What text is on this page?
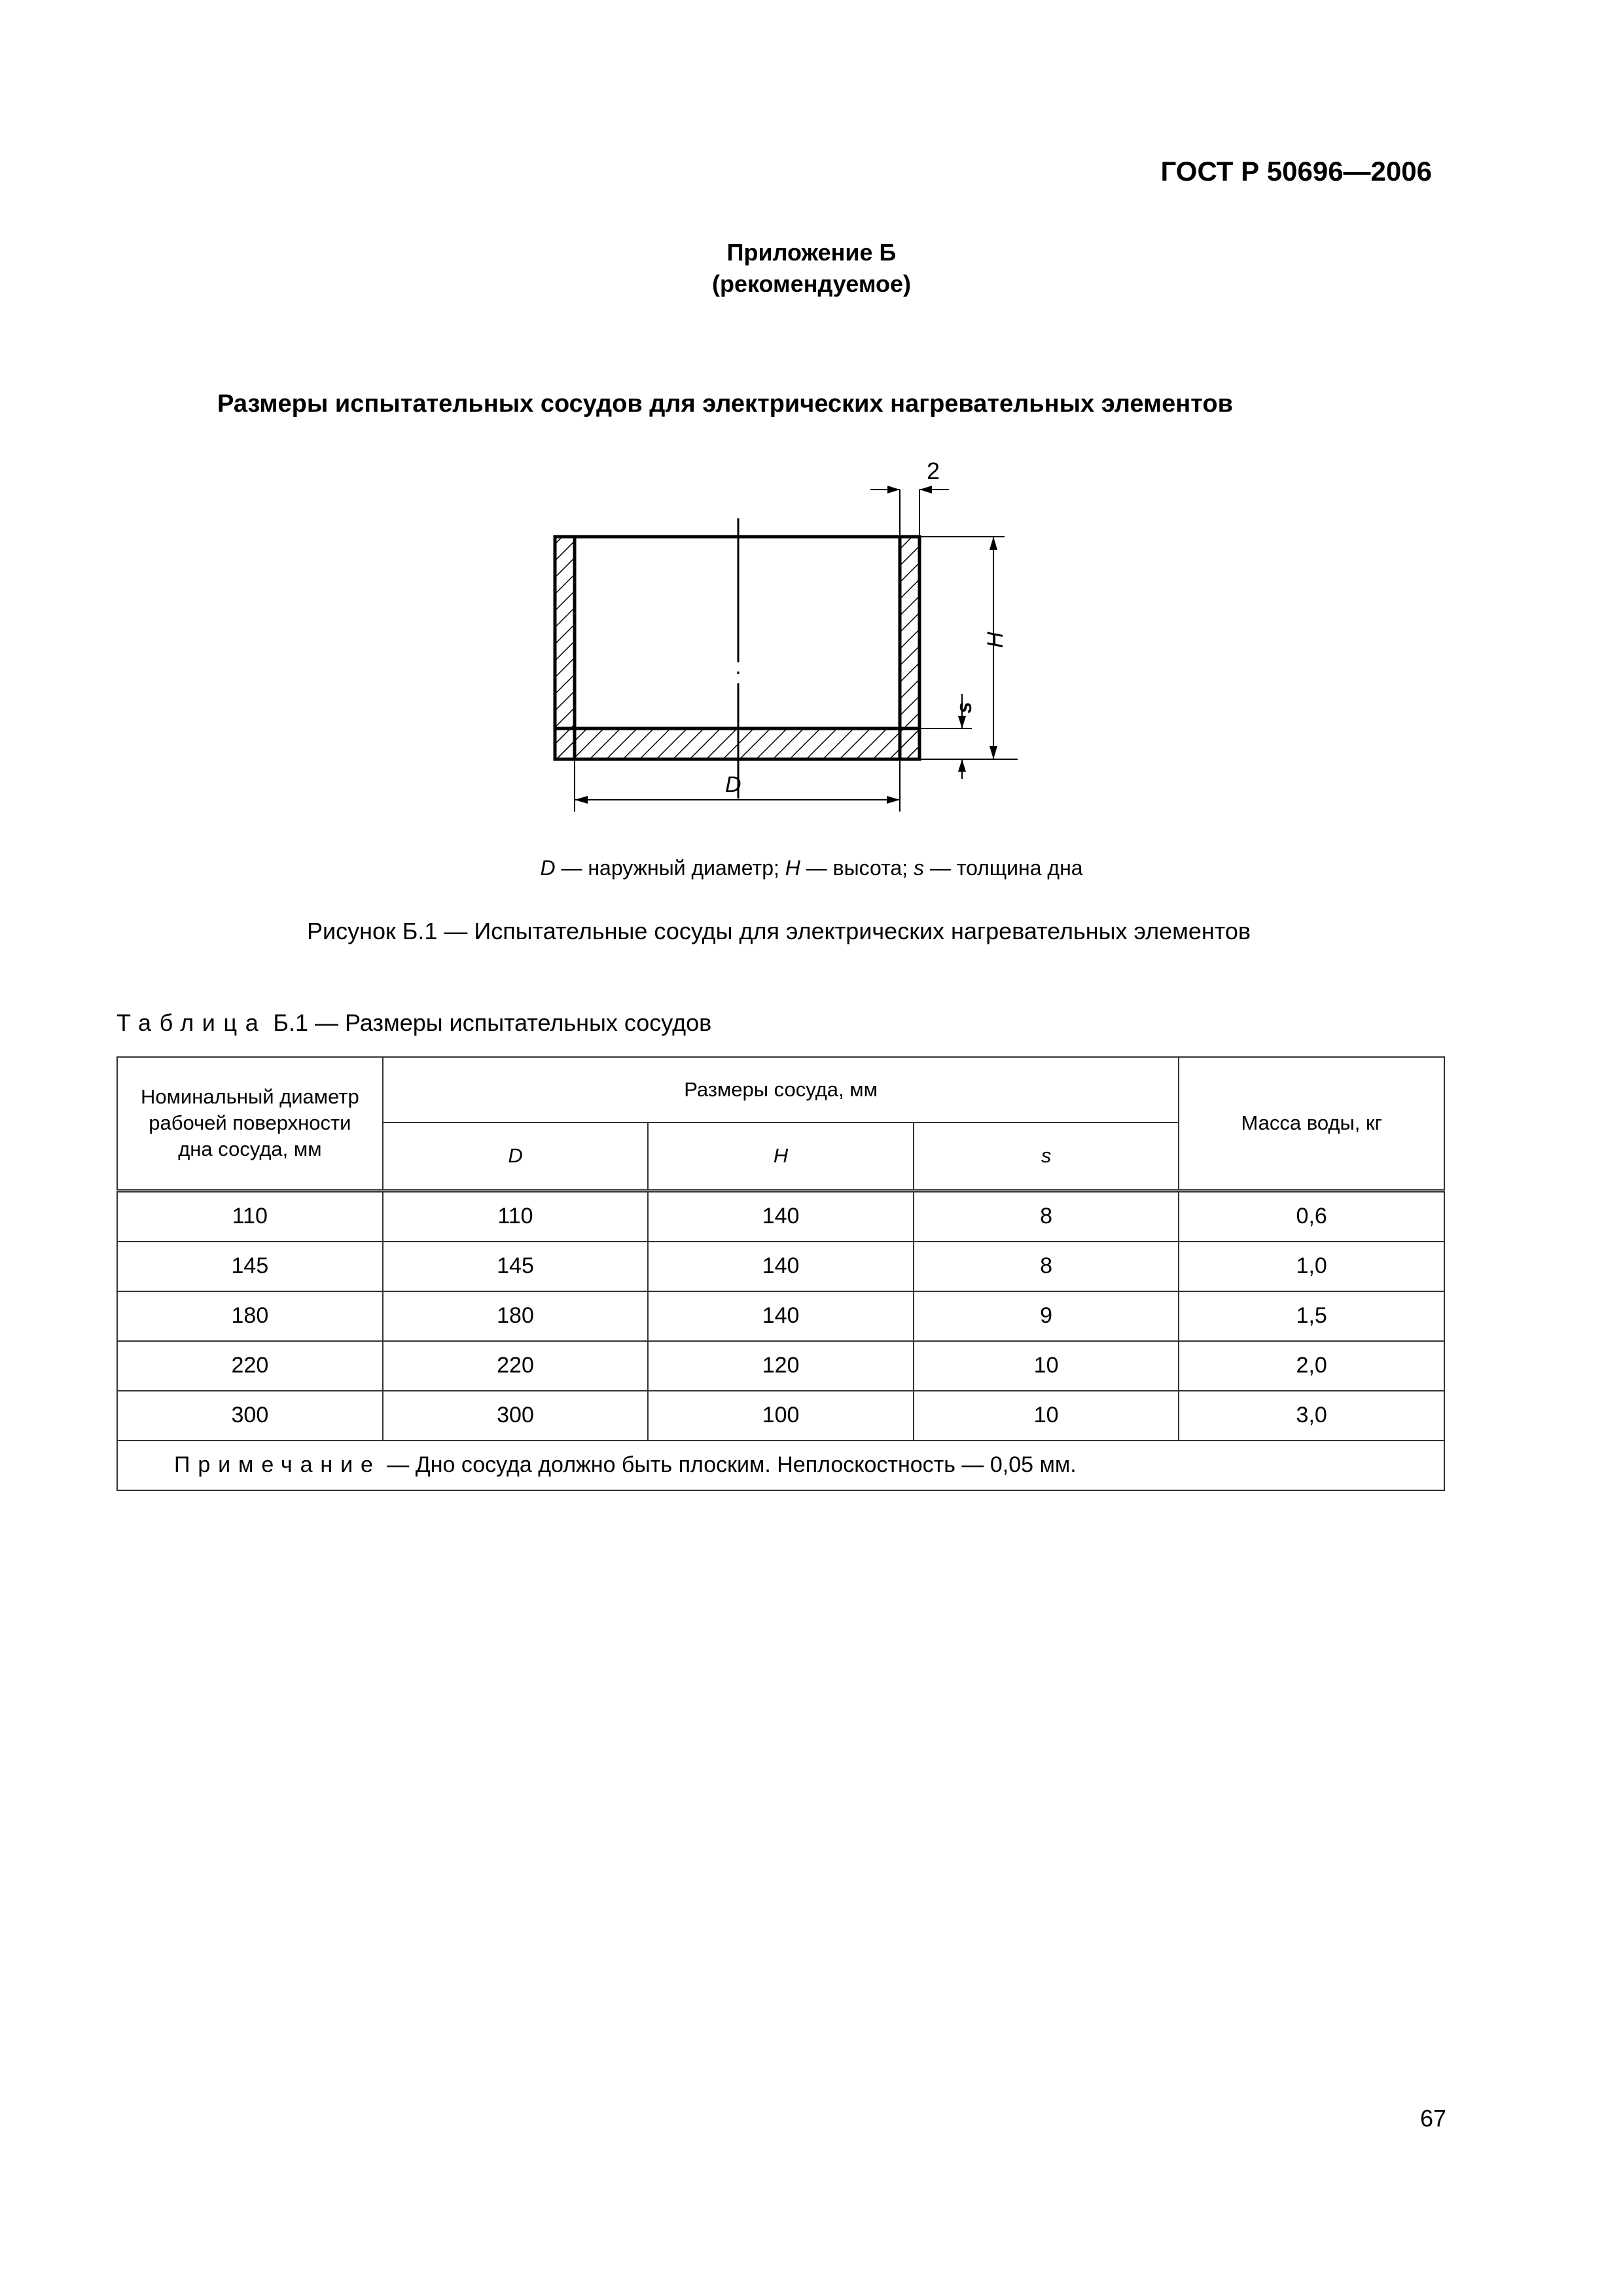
ГОСТ Р 50696—2006
Приложение Б
(рекомендуемое)
Размеры испытательных сосудов для электрических нагревательных элементов
2
H
s
D
D — наружный диаметр; H — высота; s — толщина дна
Рисунок Б.1 — Испытательные сосуды для электрических нагревательных элементов
Таблица Б.1 — Размеры испытательных сосудов
Номинальный диаметр
рабочей поверхности
дна сосуда, мм	Размеры сосуда, мм			Масса воды, кг
	D	H	s	
110	110	140	8	0,6
145	145	140	8	1,0
180	180	140	9	1,5
220	220	120	10	2,0
300	300	100	10	3,0
Примечание — Дно сосуда должно быть плоским. Неплоскостность — 0,05 мм.				
67
